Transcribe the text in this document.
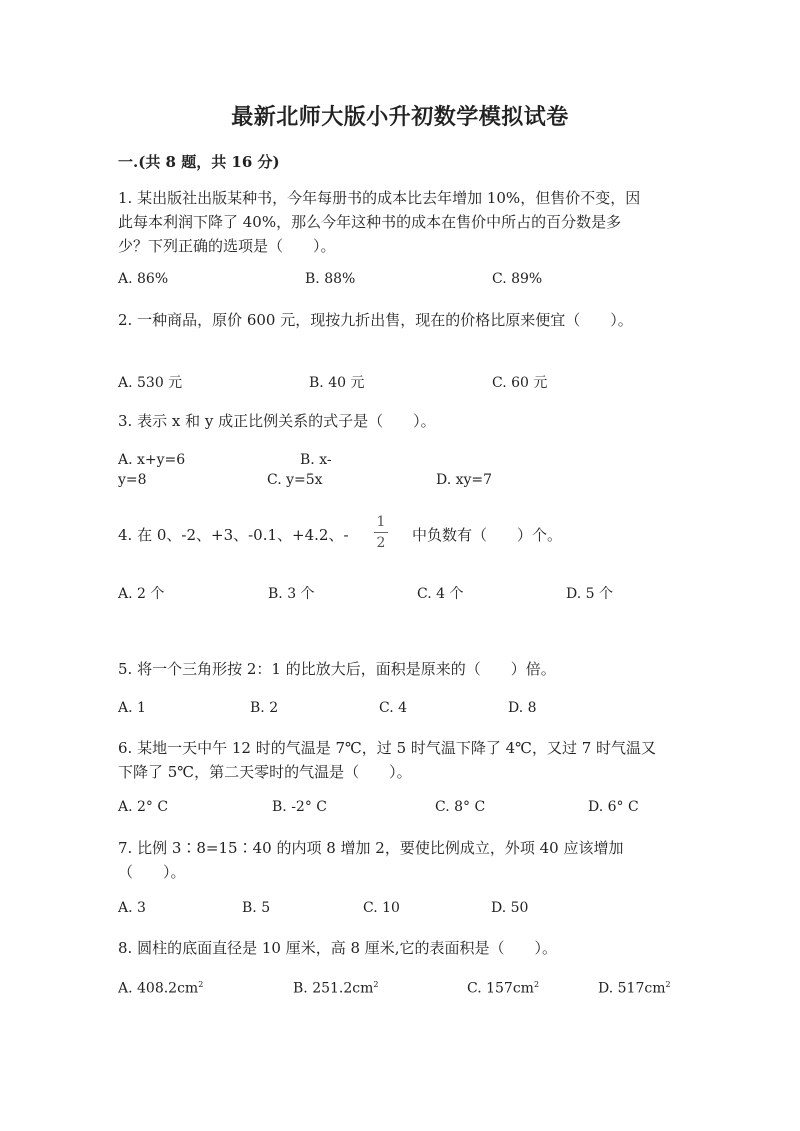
最新北师大版小升初数学模拟试卷
一.(共 8 题，共 16 分)
1. 某出版社出版某种书，今年每册书的成本比去年增加 10%，但售价不变，因
此每本利润下降了 40%，那么今年这种书的成本在售价中所占的百分数是多
少？下列正确的选项是（　　）。
A. 86%	B. 88%	C. 89%
2. 一种商品，原价 600 元，现按九折出售，现在的价格比原来便宜（　　）。
A. 530 元	B. 40 元	C. 60 元
3. 表示 x 和 y 成正比例关系的式子是（　　）。
A. x+y=6	B. x-
y=8	C. y=5x	D. xy=7
4. 在 0、-2、+3、-0.1、+4.2、-
1
2 中负数有（　　）个。
A. 2 个	B. 3 个	C. 4 个	D. 5 个
5. 将一个三角形按 2：1 的比放大后，面积是原来的（　　）倍。
A. 1	B. 2	C. 4	D. 8
6. 某地一天中午 12 时的气温是 7℃，过 5 时气温下降了 4℃，又过 7 时气温又
下降了 5℃，第二天零时的气温是（　　）。
A. 2° C	B. -2° C	C. 8° C	D. 6° C
7. 比例 3∶8=15∶40 的内项 8 增加 2，要使比例成立，外项 40 应该增加
（　　）。
A. 3	B. 5	C. 10	D. 50
8. 圆柱的底面直径是 10 厘米，高 8 厘米,它的表面积是（　　）。
A. $408.2cm^2$	B. $251.2cm^2$	C. $157cm^2$	D. $517cm^2$
